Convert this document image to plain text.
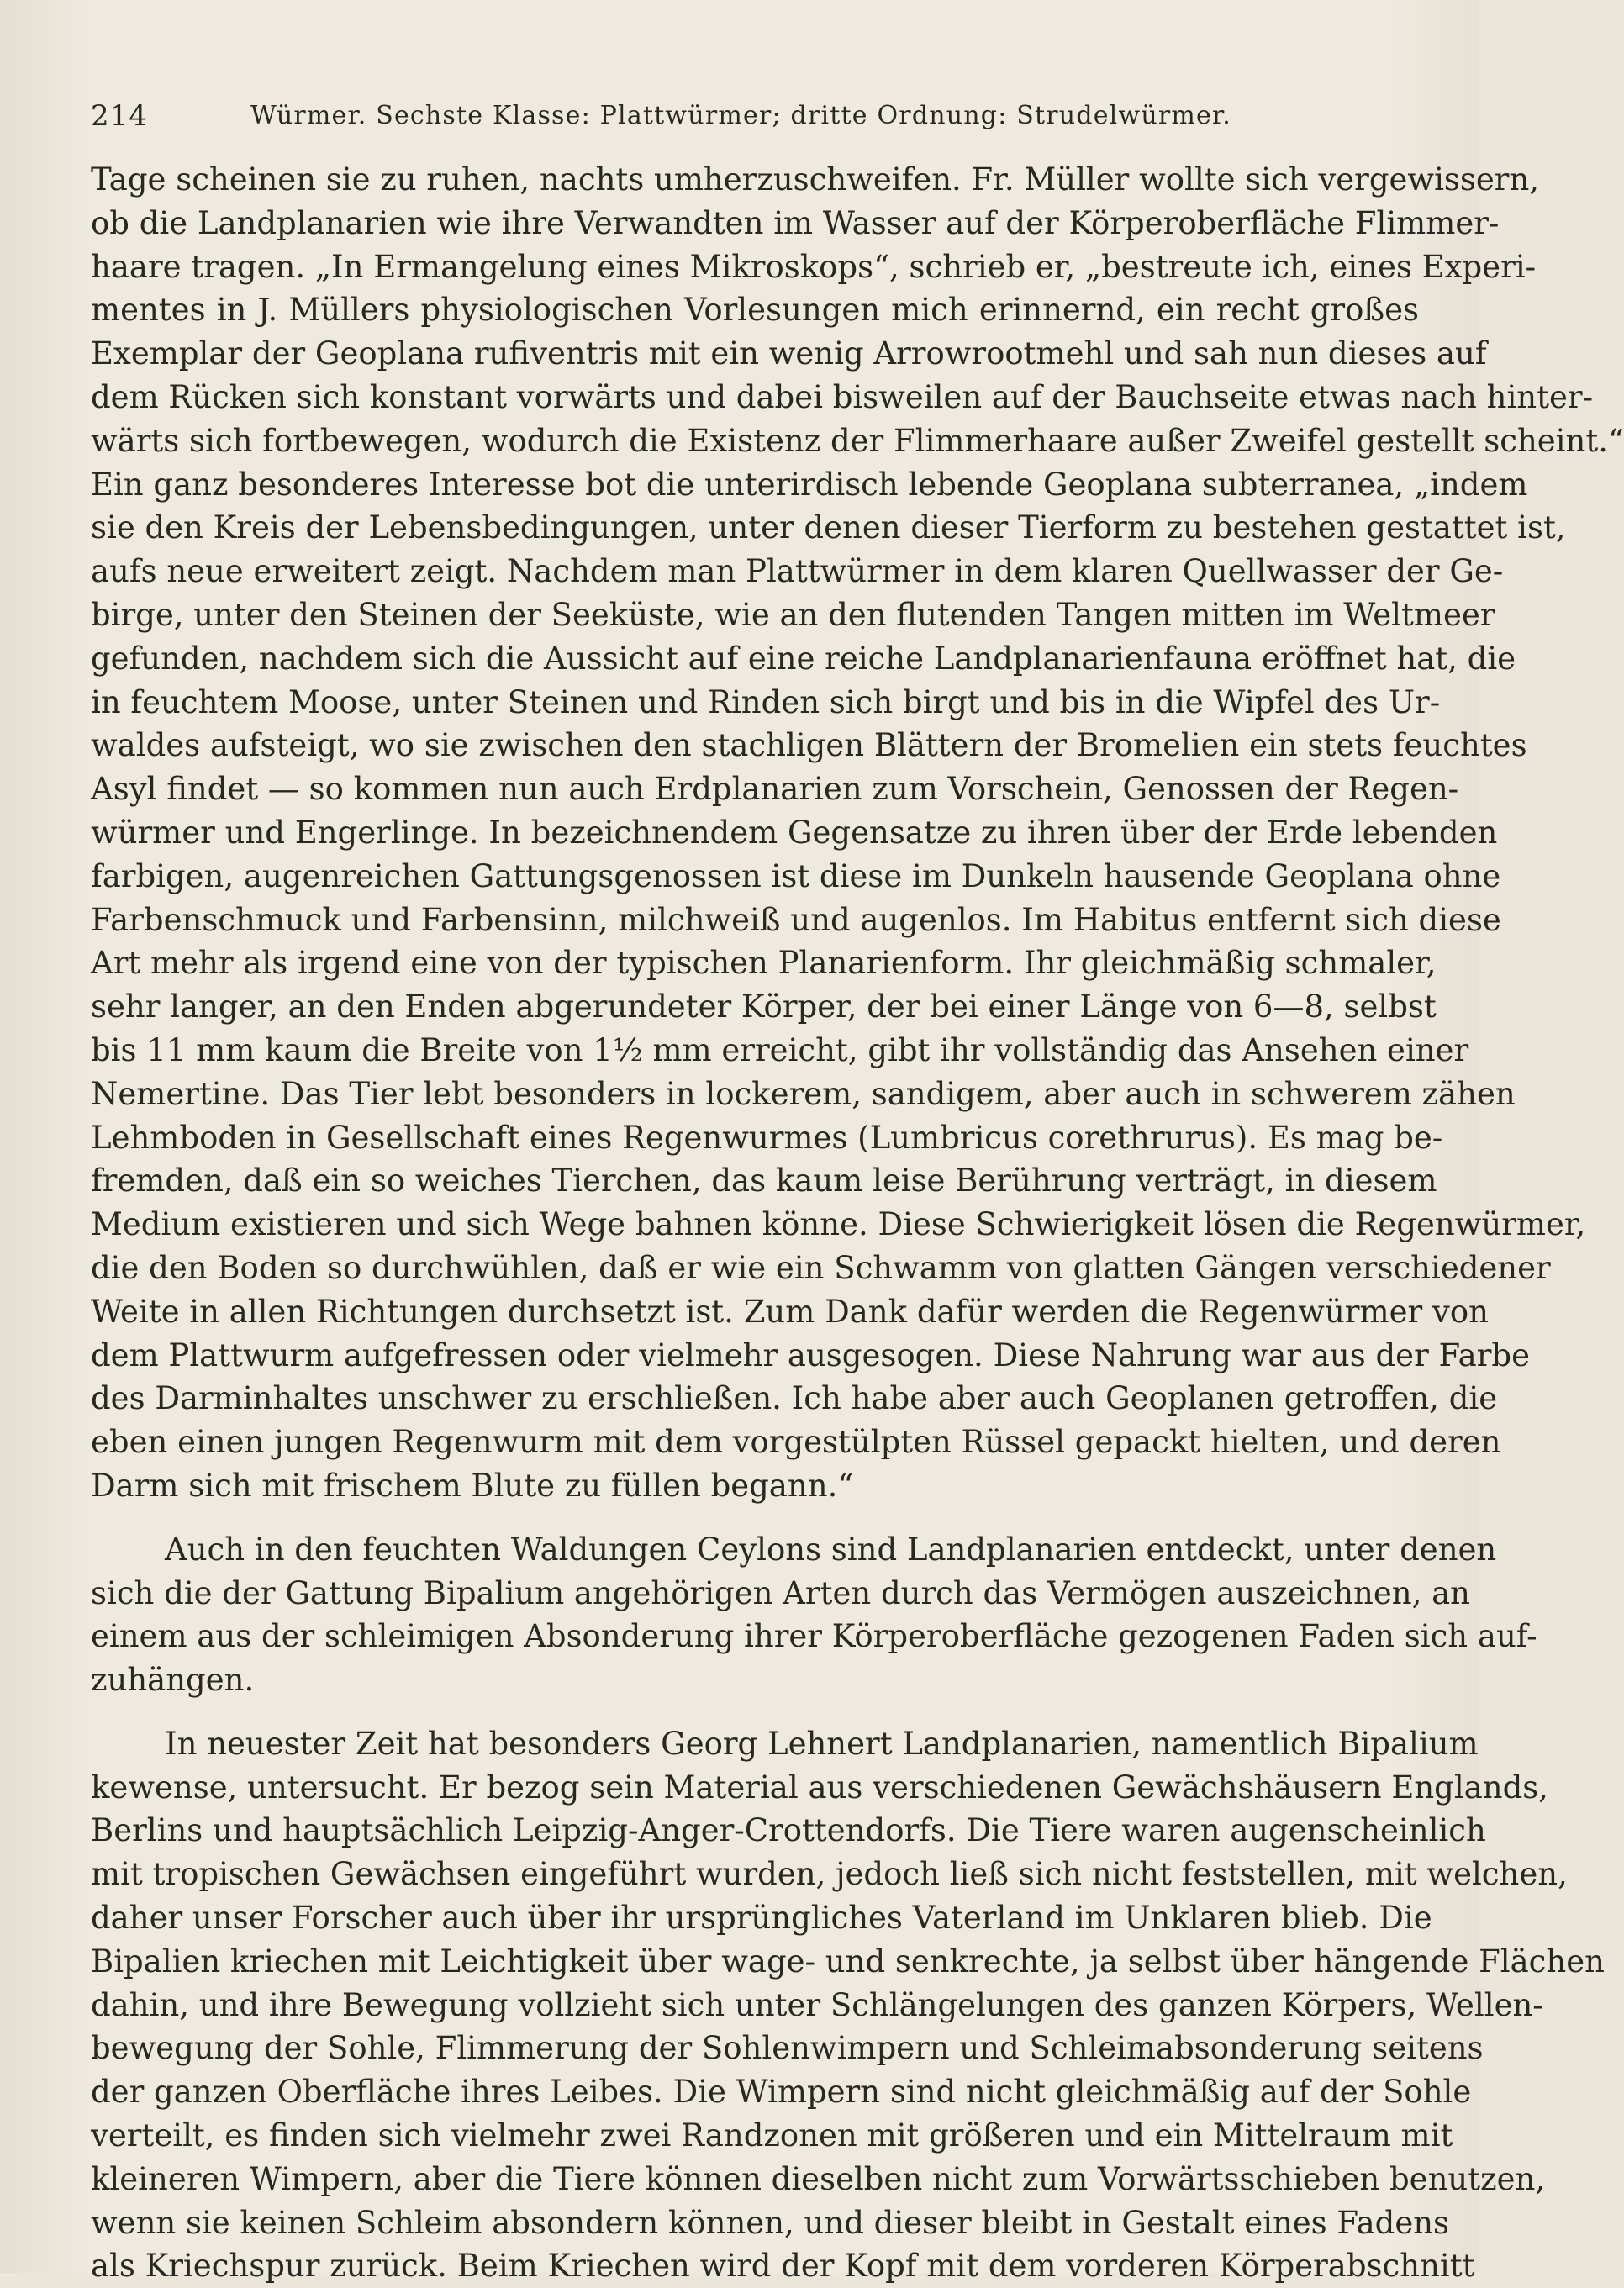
214	Würmer. Sechste Klasse: Plattwürmer; dritte Ordnung: Strudelwürmer.
Tage scheinen sie zu ruhen, nachts umherzuschweifen. Fr. Müller wollte sich vergewissern,
ob die Landplanarien wie ihre Verwandten im Wasser auf der Körperoberfläche Flimmer-
haare tragen. „In Ermangelung eines Mikroskops“, schrieb er, „bestreute ich, eines Experi-
mentes in J. Müllers physiologischen Vorlesungen mich erinnernd, ein recht großes
Exemplar der Geoplana rufiventris mit ein wenig Arrowrootmehl und sah nun dieses auf
dem Rücken sich konstant vorwärts und dabei bisweilen auf der Bauchseite etwas nach hinter-
wärts sich fortbewegen, wodurch die Existenz der Flimmerhaare außer Zweifel gestellt scheint.“
Ein ganz besonderes Interesse bot die unterirdisch lebende Geoplana subterranea, „indem
sie den Kreis der Lebensbedingungen, unter denen dieser Tierform zu bestehen gestattet ist,
aufs neue erweitert zeigt. Nachdem man Plattwürmer in dem klaren Quellwasser der Ge-
birge, unter den Steinen der Seeküste, wie an den flutenden Tangen mitten im Weltmeer
gefunden, nachdem sich die Aussicht auf eine reiche Landplanarienfauna eröffnet hat, die
in feuchtem Moose, unter Steinen und Rinden sich birgt und bis in die Wipfel des Ur-
waldes aufsteigt, wo sie zwischen den stachligen Blättern der Bromelien ein stets feuchtes
Asyl findet — so kommen nun auch Erdplanarien zum Vorschein, Genossen der Regen-
würmer und Engerlinge. In bezeichnendem Gegensatze zu ihren über der Erde lebenden
farbigen, augenreichen Gattungsgenossen ist diese im Dunkeln hausende Geoplana ohne
Farbenschmuck und Farbensinn, milchweiß und augenlos. Im Habitus entfernt sich diese
Art mehr als irgend eine von der typischen Planarienform. Ihr gleichmäßig schmaler,
sehr langer, an den Enden abgerundeter Körper, der bei einer Länge von 6—8, selbst
bis 11 mm kaum die Breite von 1½ mm erreicht, gibt ihr vollständig das Ansehen einer
Nemertine. Das Tier lebt besonders in lockerem, sandigem, aber auch in schwerem zähen
Lehmboden in Gesellschaft eines Regenwurmes (Lumbricus corethrurus). Es mag be-
fremden, daß ein so weiches Tierchen, das kaum leise Berührung verträgt, in diesem
Medium existieren und sich Wege bahnen könne. Diese Schwierigkeit lösen die Regenwürmer,
die den Boden so durchwühlen, daß er wie ein Schwamm von glatten Gängen verschiedener
Weite in allen Richtungen durchsetzt ist. Zum Dank dafür werden die Regenwürmer von
dem Plattwurm aufgefressen oder vielmehr ausgesogen. Diese Nahrung war aus der Farbe
des Darminhaltes unschwer zu erschließen. Ich habe aber auch Geoplanen getroffen, die
eben einen jungen Regenwurm mit dem vorgestülpten Rüssel gepackt hielten, und deren
Darm sich mit frischem Blute zu füllen begann.“
Auch in den feuchten Waldungen Ceylons sind Landplanarien entdeckt, unter denen
sich die der Gattung Bipalium angehörigen Arten durch das Vermögen auszeichnen, an
einem aus der schleimigen Absonderung ihrer Körperoberfläche gezogenen Faden sich auf-
zuhängen.
In neuester Zeit hat besonders Georg Lehnert Landplanarien, namentlich Bipalium
kewense, untersucht. Er bezog sein Material aus verschiedenen Gewächshäusern Englands,
Berlins und hauptsächlich Leipzig-Anger-Crottendorfs. Die Tiere waren augenscheinlich
mit tropischen Gewächsen eingeführt wurden, jedoch ließ sich nicht feststellen, mit welchen,
daher unser Forscher auch über ihr ursprüngliches Vaterland im Unklaren blieb. Die
Bipalien kriechen mit Leichtigkeit über wage- und senkrechte, ja selbst über hängende Flächen
dahin, und ihre Bewegung vollzieht sich unter Schlängelungen des ganzen Körpers, Wellen-
bewegung der Sohle, Flimmerung der Sohlenwimpern und Schleimabsonderung seitens
der ganzen Oberfläche ihres Leibes. Die Wimpern sind nicht gleichmäßig auf der Sohle
verteilt, es finden sich vielmehr zwei Randzonen mit größeren und ein Mittelraum mit
kleineren Wimpern, aber die Tiere können dieselben nicht zum Vorwärtsschieben benutzen,
wenn sie keinen Schleim absondern können, und dieser bleibt in Gestalt eines Fadens
als Kriechspur zurück. Beim Kriechen wird der Kopf mit dem vorderen Körperabschnitt
